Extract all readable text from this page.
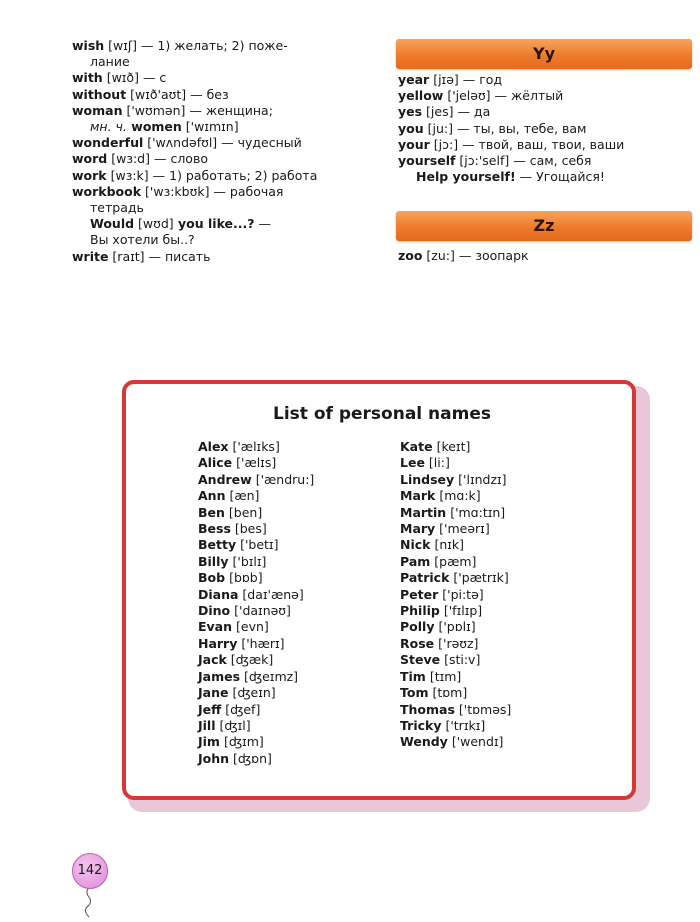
wish [wɪʃ] — 1) желать; 2) поже-
лание
with [wɪð] — с
without [wɪð'aʊt] — без
woman ['wʊmən] — женщина;
мн. ч. women ['wɪmɪn]
wonderful ['wʌndəfʊl] — чудесный
word [wɜ:d] — слово
work [wɜ:k] — 1) работать; 2) работа
workbook ['wɜ:kbʊk] — рабочая
тетрадь
Would [wʊd] you like...? —
Вы хотели бы..?
write [raɪt] — писать
Yy
year [jɪə] — год
yellow ['jeləʊ] — жёлтый
yes [jes] — да
you [ju:] — ты, вы, тебе, вам
your [jɔ:] — твой, ваш, твои, ваши
yourself [jɔ:'self] — сам, себя
Help yourself! — Угощайся!
Zz
zoo [zu:] — зоопарк
List of personal names
Alex ['ælɪks]
Alice ['ælɪs]
Andrew ['ændru:]
Ann [æn]
Ben [ben]
Bess [bes]
Betty ['betɪ]
Billy ['bɪlɪ]
Bob [bɒb]
Diana [daɪ'ænə]
Dino ['daɪnəʊ]
Evan [evn]
Harry ['hærɪ]
Jack [ʤæk]
James [ʤeɪmz]
Jane [ʤeɪn]
Jeff [ʤef]
Jill [ʤɪl]
Jim [ʤɪm]
John [ʤɒn]
Kate [keɪt]
Lee [li:]
Lindsey ['lɪndzɪ]
Mark [mɑ:k]
Martin ['mɑ:tɪn]
Mary ['meərɪ]
Nick [nɪk]
Pam [pæm]
Patrick ['pætrɪk]
Peter ['pi:tə]
Philip ['fɪlɪp]
Polly ['pɒlɪ]
Rose ['rəʊz]
Steve [sti:v]
Tim [tɪm]
Tom [tɒm]
Thomas ['tɒməs]
Tricky ['trɪkɪ]
Wendy ['wendɪ]
142
